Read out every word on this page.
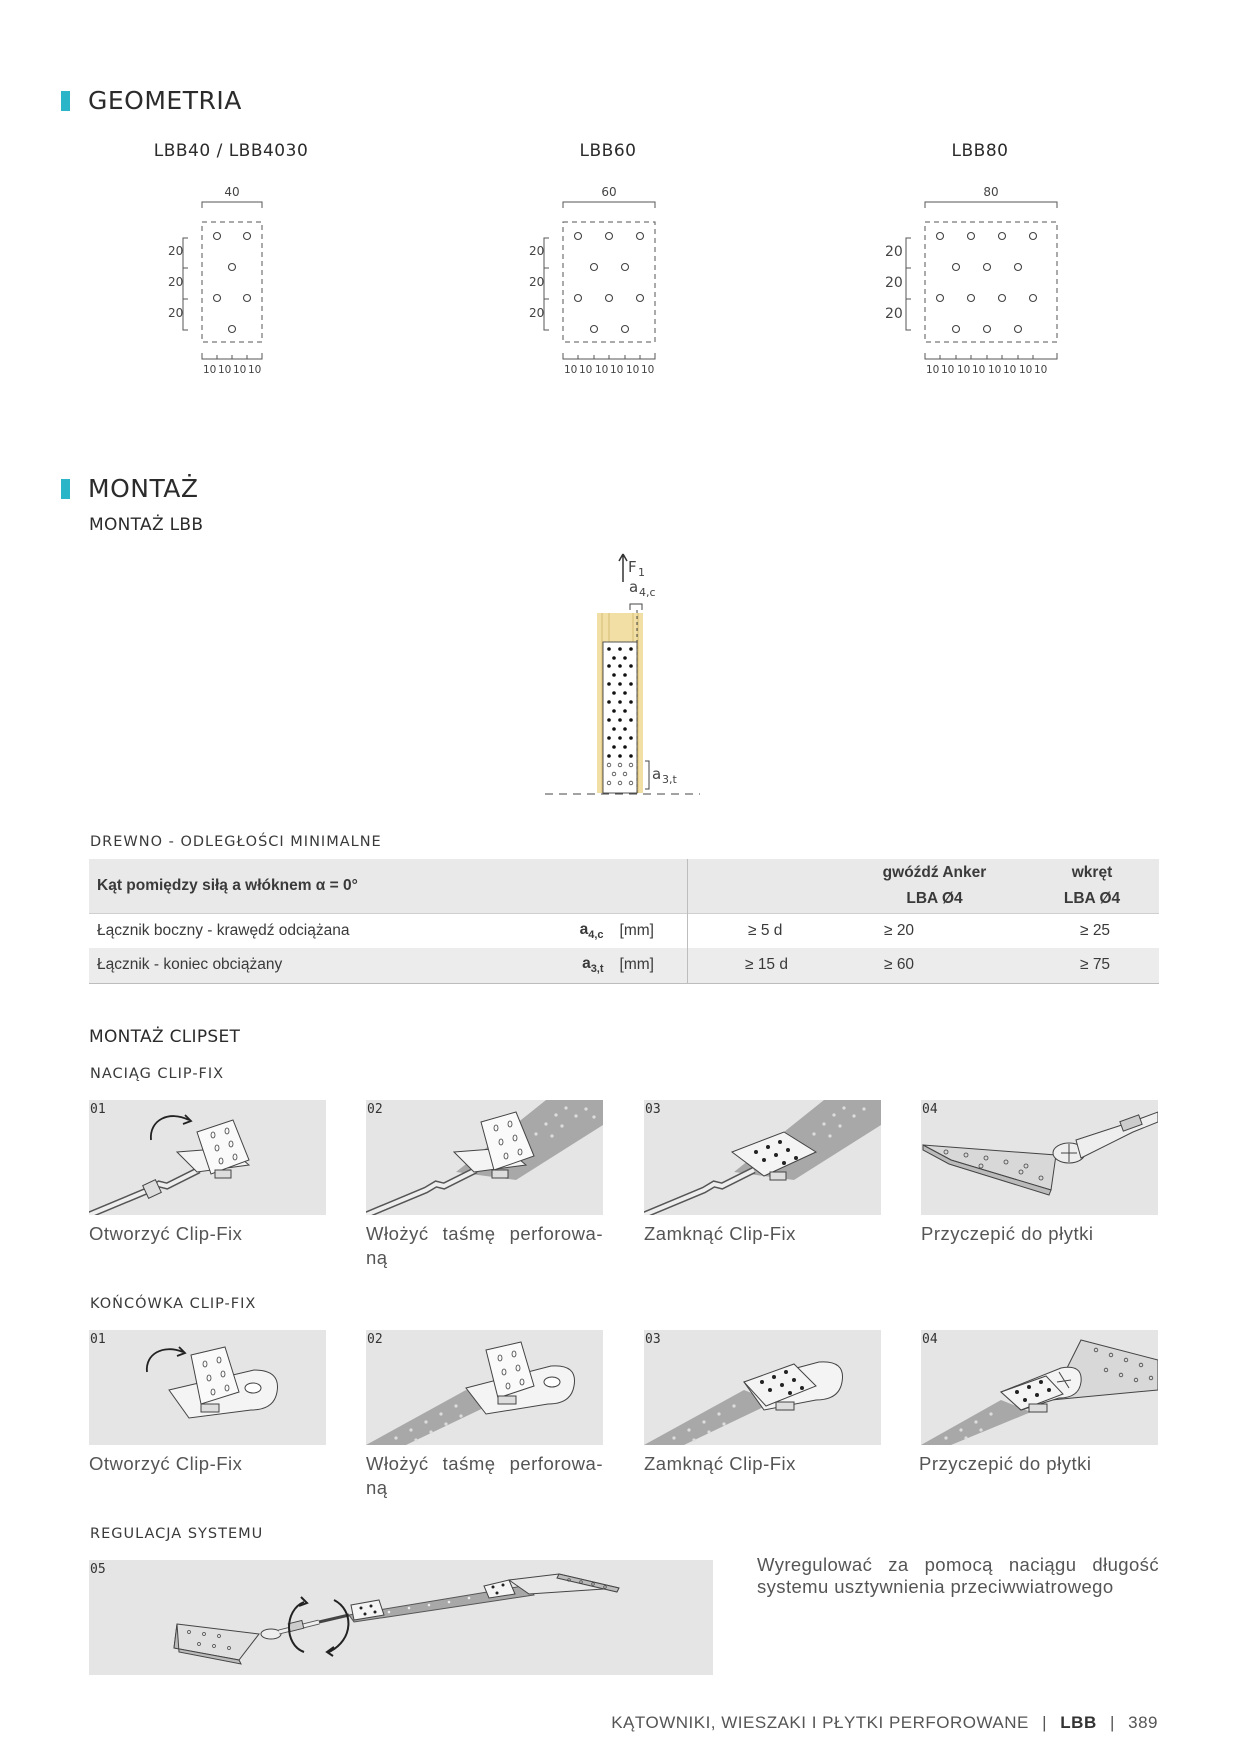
GEOMETRIA
LBB40 / LBB4030	LBB60	LBB80
40
20
20
20
10 10 10 10
60
20
20
20
10 10 10 10 10 10
80
20
20
20
10 10 10 10 10 10 10 10
MONTAŻ
MONTAŻ LBB
F 1
a 4,c
a 3,t
DREWNO - ODLEGŁOŚCI MINIMALNE
Kąt pomiędzy siłą a włóknem α = 0°				gwóźdź Anker	wkręt
				LBA Ø4	LBA Ø4
Łącznik boczny - krawędź odciążana	$a_{4,c}$	[mm]	≥ 5 d	≥ 20	≥ 25
Łącznik - koniec obciążany	$a_{3,t}$	[mm]	≥ 15 d	≥ 60	≥ 75
MONTAŻ CLIPSET
NACIĄG CLIP-FIX
01	02	03	04
Otworzyć Clip-Fix	Włożyć taśmę perforowa-ną
Zamknąć Clip-Fix	Przyczepić do płytki
KOŃCÓWKA CLIP-FIX
01	02	03	04
Otworzyć Clip-Fix	Włożyć taśmę perforowa-ną
Zamknąć Clip-Fix	Przyczepić do płytki
REGULACJA SYSTEMU
05	Wyregulować za pomocą naciągu długość systemu usztywnienia przeciwwiatrowego
KĄTOWNIKI, WIESZAKI I PŁYTKI PERFOROWANE | LBB | 389
